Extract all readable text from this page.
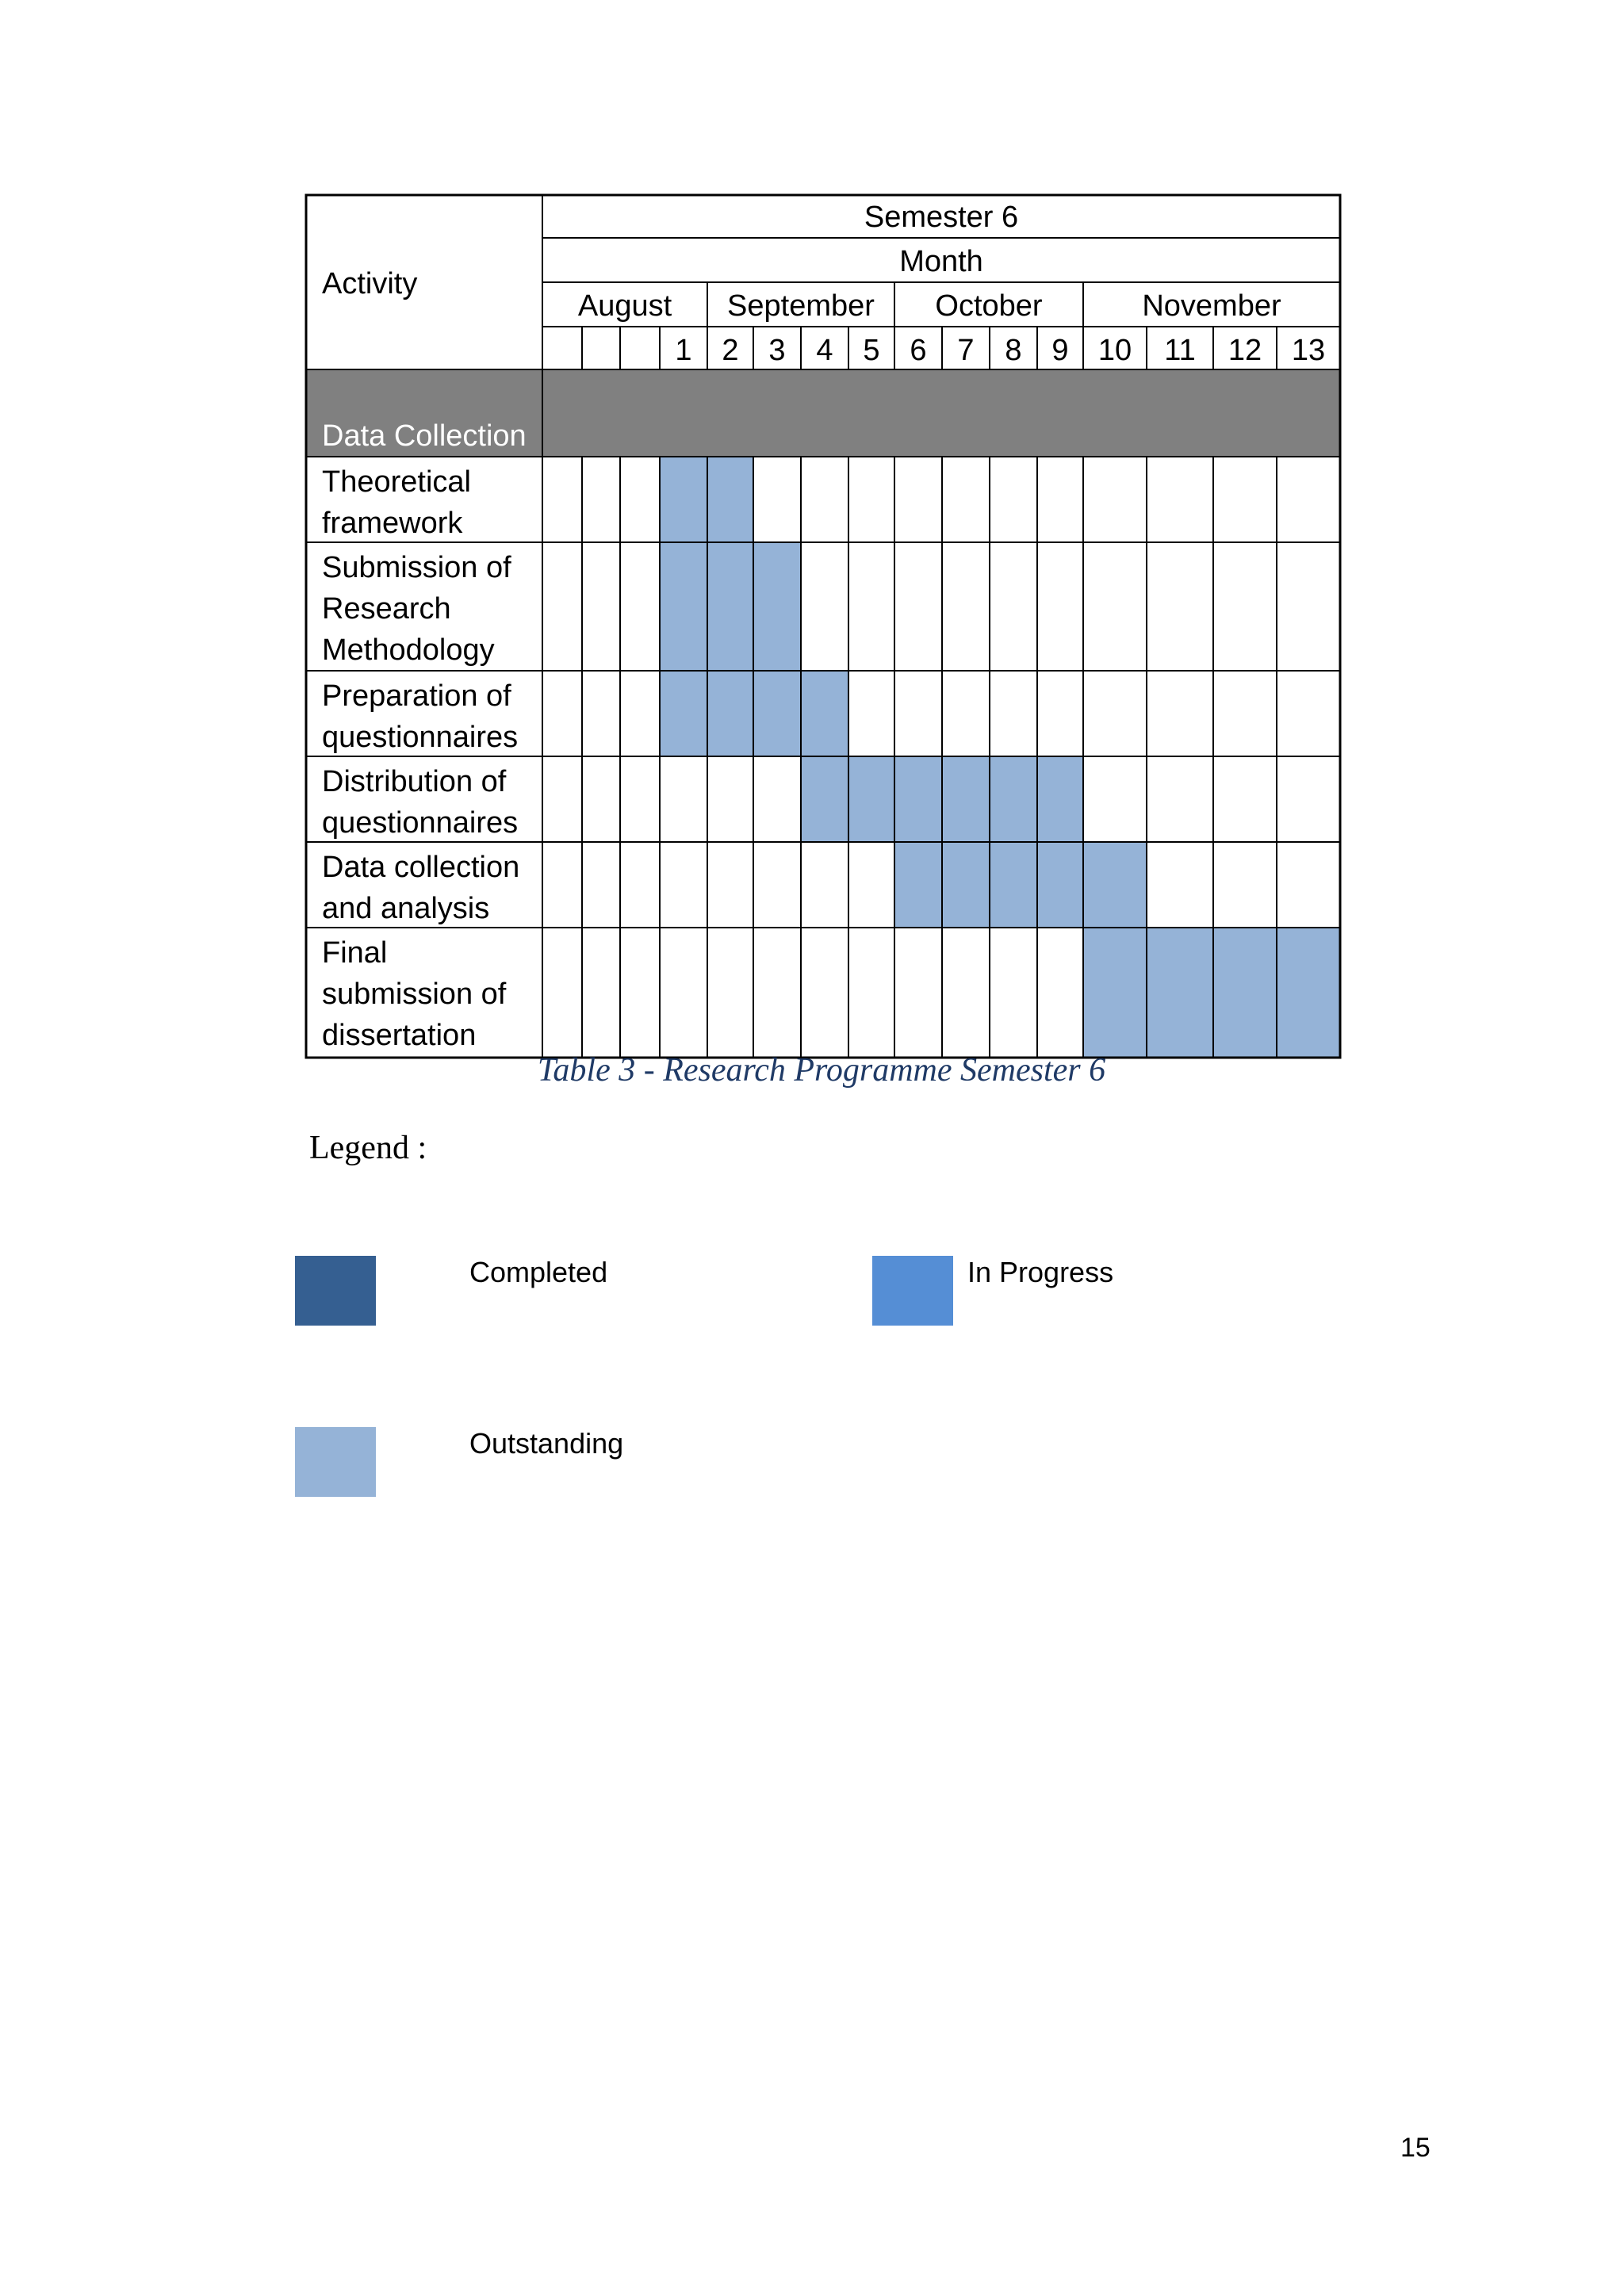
Activity
Semester 6
Month
August September October	November
1 2 3 4 5 6 7 8 9 10 11 12 13
Data Collection
Theoretical
framework
Submission of
Research
Methodology
Preparation of
questionnaires
Distribution of
questionnaires
Data collection
and analysis
Final
submission of
dissertation
Table 3 - Research Programme Semester 6
Legend :
Completed	In Progress
Outstanding
15
